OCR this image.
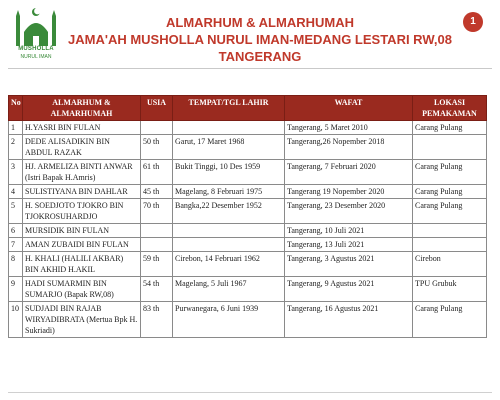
MUSHOLLA
NURUL IMAN
ALMARHUM & ALMARHUMAH
JAMA'AH MUSHOLLA NURUL IMAN-MEDANG LESTARI RW,08
TANGERANG
1
No	ALMARHUM & ALMARHUMAH	USIA	TEMPAT/TGL LAHIR	WAFAT	LOKASI PEMAKAMAN
1	H.YASRI BIN FULAN			Tangerang, 5 Maret 2010	Carang Pulang
2	DEDE ALISADIKIN BIN ABDUL RAZAK	50 th	Garut, 17 Maret 1968	Tangerang,26 Nopember 2018	
3	HJ. ARMELIZA BINTI ANWAR (Istri Bapak H.Amris)	61 th	Bukit Tinggi, 10 Des 1959	Tangerang, 7 Februari 2020	Carang Pulang
4	SULISTIYANA BIN DAHLAR	45 th	Magelang, 8 Februari 1975	Tangerang 19 Nopember 2020	Carang Pulang
5	H. SOEDJOTO TJOKRO BIN TJOKROSUHARDJO	70 th	Bangka,22 Desember 1952	Tangerang, 23 Desember 2020	Carang Pulang
6	MURSIDIK BIN FULAN			Tangerang, 10 Juli 2021	
7	AMAN ZUBAIDI BIN FULAN			Tangerang, 13 Juli 2021	
8	H. KHALI (HALILI AKBAR) BIN AKHID H.AKIL	59 th	Cirebon, 14 Februari 1962	Tangerang, 3 Agustus 2021	Cirebon
9	HADI SUMARMIN BIN SUMARJO (Bapak RW,08)	54 th	Magelang, 5 Juli 1967	Tangerang, 9 Agustus 2021	TPU Grubuk
10	SUDJADI BIN RAJAB WIRYADIBRATA (Mertua Bpk H. Sukriadi)	83 th	Purwanegara, 6 Juni 1939	Tangerang, 16 Agustus 2021	Carang Pulang
